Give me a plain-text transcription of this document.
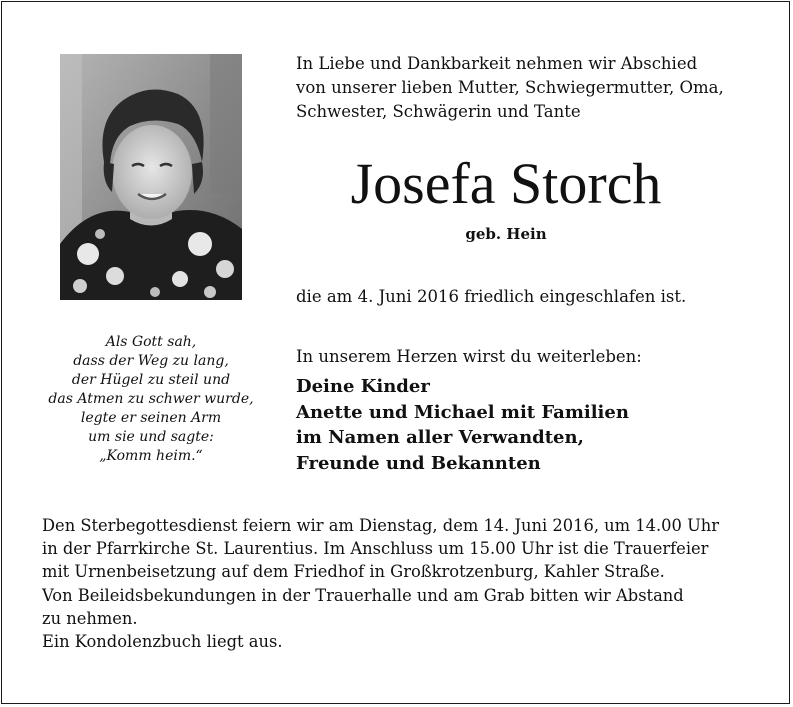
In Liebe und Dankbarkeit nehmen wir Abschied
von unserer lieben Mutter, Schwiegermutter, Oma,
Schwester, Schwägerin und Tante
Josefa Storch
geb. Hein
die am 4. Juni 2016 friedlich eingeschlafen ist.
Als Gott sah,
dass der Weg zu lang,
der Hügel zu steil und
das Atmen zu schwer wurde,
legte er seinen Arm
um sie und sagte:
„Komm heim.“
In unserem Herzen wirst du weiterleben:
Deine Kinder
Anette und Michael mit Familien
im Namen aller Verwandten,
Freunde und Bekannten
Den Sterbegottesdienst feiern wir am Dienstag, dem 14. Juni 2016, um 14.00 Uhr
in der Pfarrkirche St. Laurentius. Im Anschluss um 15.00 Uhr ist die Trauerfeier
mit Urnenbeisetzung auf dem Friedhof in Großkrotzenburg, Kahler Straße.
Von Beileidsbekundungen in der Trauerhalle und am Grab bitten wir Abstand
zu nehmen.
Ein Kondolenzbuch liegt aus.
